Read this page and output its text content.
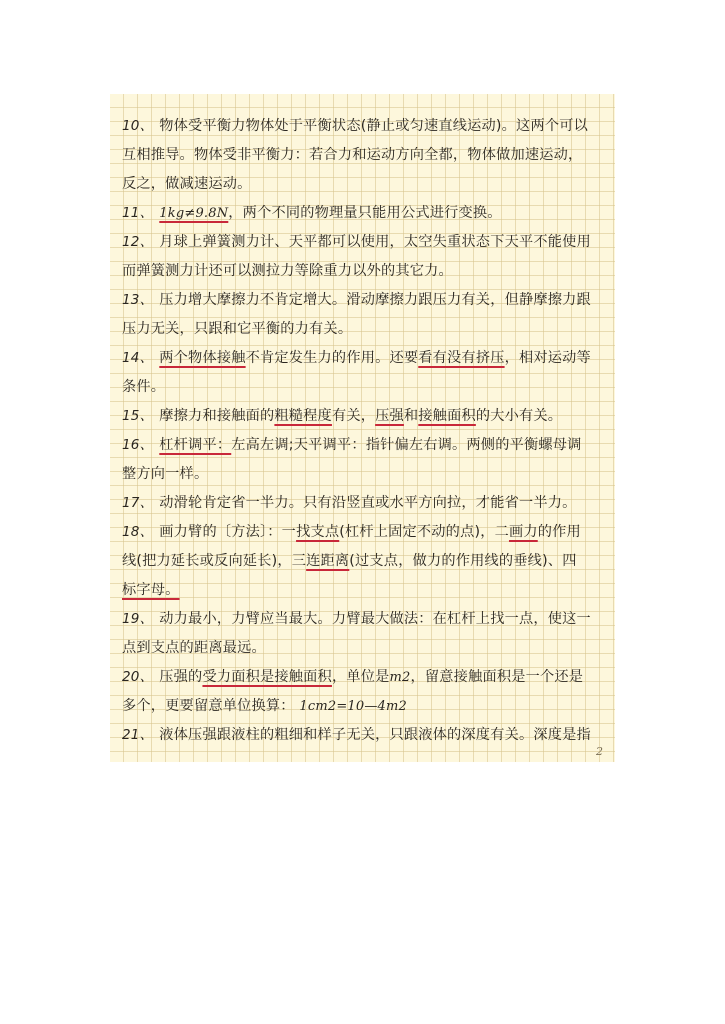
10、 物体受平衡力物体处于平衡状态(静止或匀速直线运动)。这两个可以
互相推导。物体受非平衡力：若合力和运动方向全都，物体做加速运动，
反之，做减速运动。
11、 1kg≠9.8N，两个不同的物理量只能用公式进行变换。
12、 月球上弹簧测力计、天平都可以使用，太空失重状态下天平不能使用
而弹簧测力计还可以测拉力等除重力以外的其它力。
13、 压力增大摩擦力不肯定增大。滑动摩擦力跟压力有关，但静摩擦力跟
压力无关，只跟和它平衡的力有关。
14、 两个物体接触不肯定发生力的作用。还要看有没有挤压，相对运动等
条件。
15、 摩擦力和接触面的粗糙程度有关，压强和接触面积的大小有关。
16、 杠杆调平：左高左调;天平调平：指针偏左右调。两侧的平衡螺母调
整方向一样。
17、 动滑轮肯定省一半力。只有沿竖直或水平方向拉，才能省一半力。
18、 画力臂的〔方法〕：一找支点(杠杆上固定不动的点)，二画力的作用
线(把力延长或反向延长)，三连距离(过支点，做力的作用线的垂线)、四
标字母。
19、 动力最小，力臂应当最大。力臂最大做法：在杠杆上找一点，使这一
点到支点的距离最远。
20、 压强的受力面积是接触面积，单位是m2，留意接触面积是一个还是
多个，更要留意单位换算： 1cm2=10—4m2
21、 液体压强跟液柱的粗细和样子无关，只跟液体的深度有关。深度是指
2
